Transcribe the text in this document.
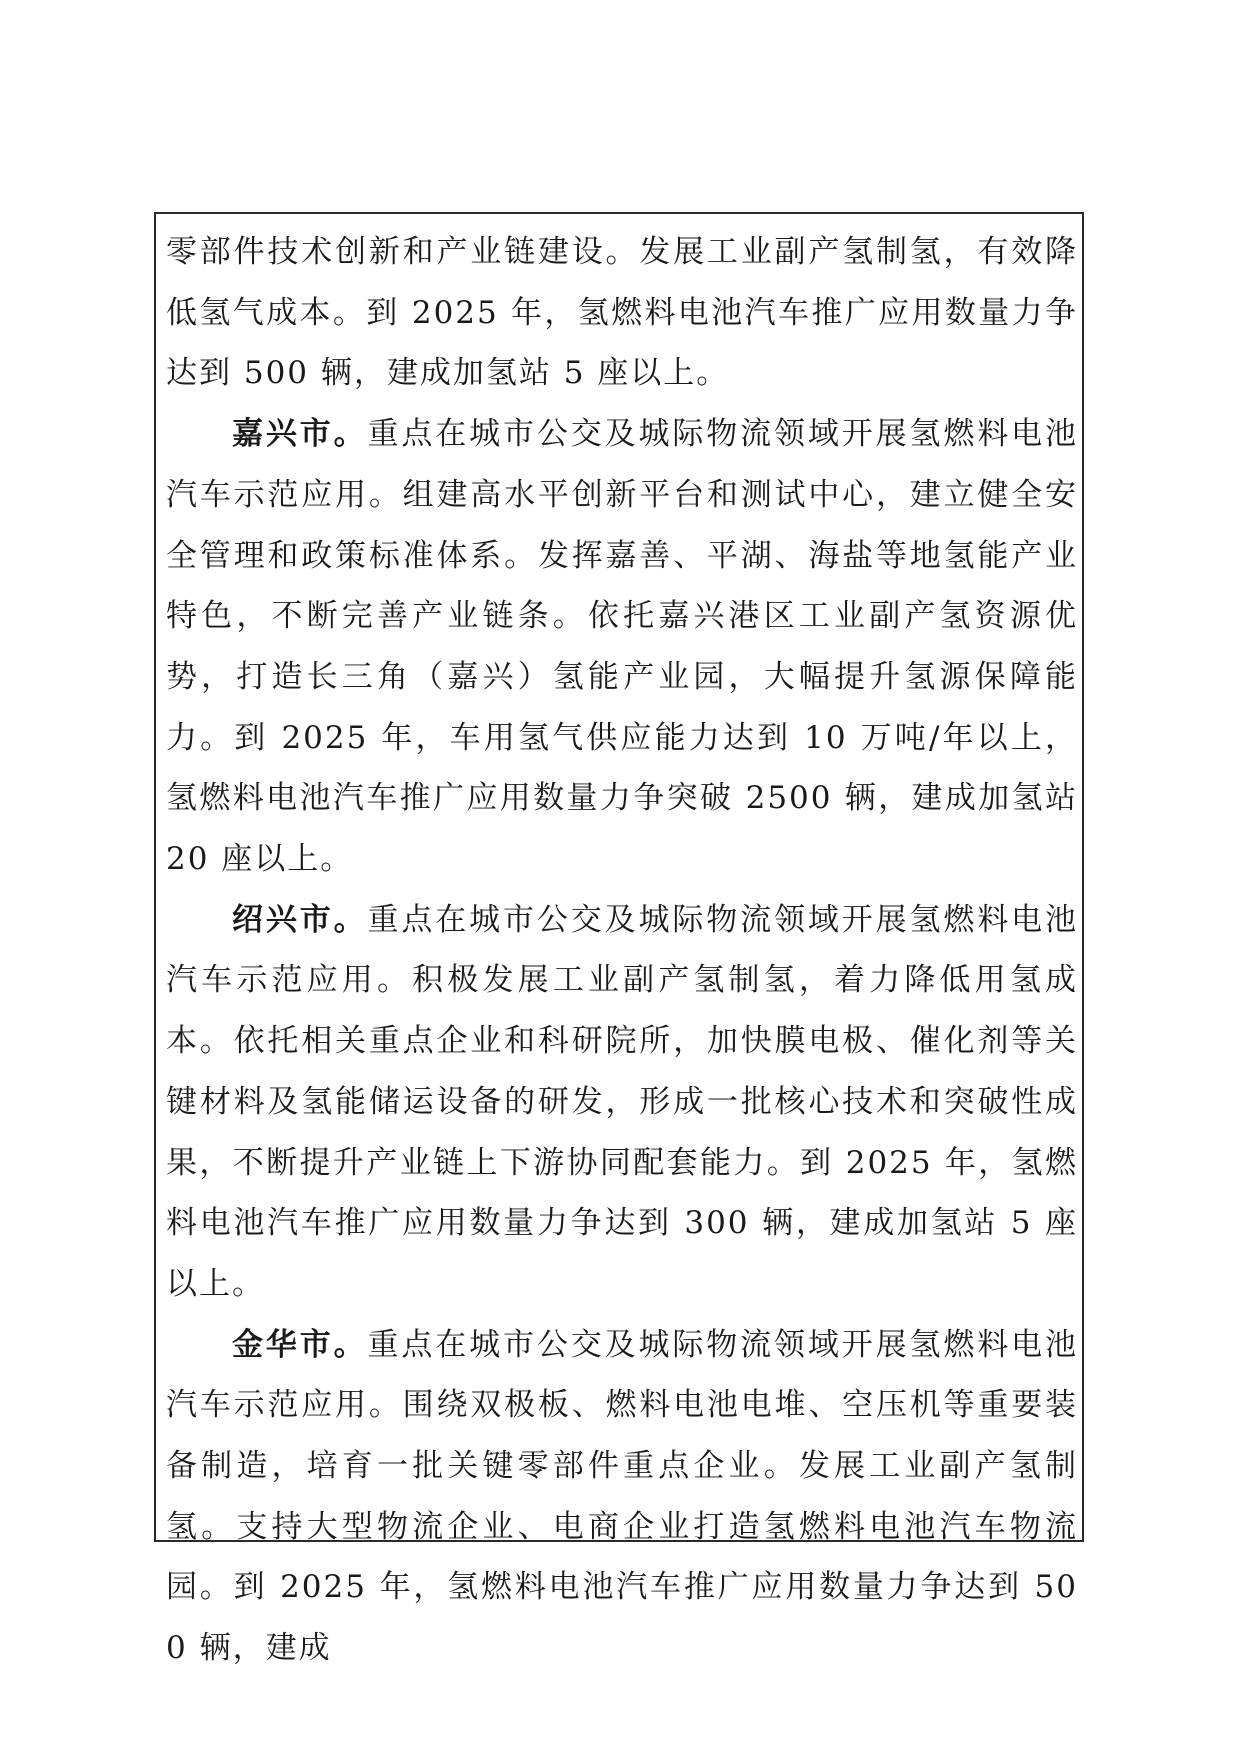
零部件技术创新和产业链建设。发展工业副产氢制氢，有效降低氢气成本。到 2025 年，氢燃料电池汽车推广应用数量力争达到 500 辆，建成加氢站 5 座以上。

嘉兴市。重点在城市公交及城际物流领域开展氢燃料电池汽车示范应用。组建高水平创新平台和测试中心，建立健全安全管理和政策标准体系。发挥嘉善、平湖、海盐等地氢能产业特色，不断完善产业链条。依托嘉兴港区工业副产氢资源优势，打造长三角（嘉兴）氢能产业园，大幅提升氢源保障能力。到 2025 年，车用氢气供应能力达到 10 万吨/年以上，氢燃料电池汽车推广应用数量力争突破 2500 辆，建成加氢站 20 座以上。

绍兴市。重点在城市公交及城际物流领域开展氢燃料电池汽车示范应用。积极发展工业副产氢制氢，着力降低用氢成本。依托相关重点企业和科研院所，加快膜电极、催化剂等关键材料及氢能储运设备的研发，形成一批核心技术和突破性成果，不断提升产业链上下游协同配套能力。到 2025 年，氢燃料电池汽车推广应用数量力争达到 300 辆，建成加氢站 5 座以上。

金华市。重点在城市公交及城际物流领域开展氢燃料电池汽车示范应用。围绕双极板、燃料电池电堆、空压机等重要装备制造，培育一批关键零部件重点企业。发展工业副产氢制氢。支持大型物流企业、电商企业打造氢燃料电池汽车物流园。到 2025 年，氢燃料电池汽车推广应用数量力争达到 500 辆，建成
